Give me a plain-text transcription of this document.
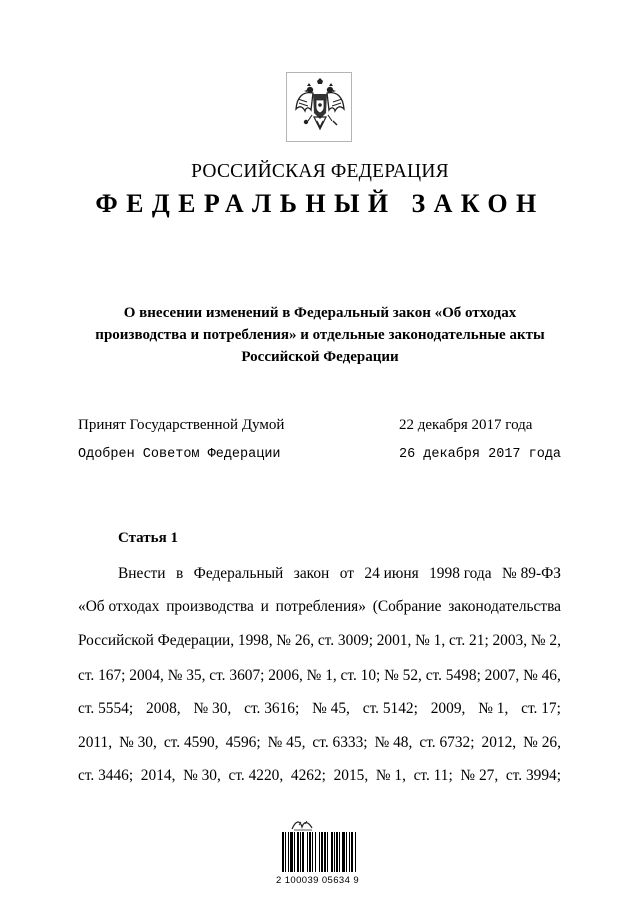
РОССИЙСКАЯ ФЕДЕРАЦИЯ
ФЕДЕРАЛЬНЫЙ ЗАКОН
О внесении изменений в Федеральный закон «Об отходах
производства и потребления» и отдельные законодательные акты
Российской Федерации
Принят Государственной Думой	22 декабря 2017 года
Одобрен Советом Федерации	26 декабря 2017 года
Статья 1
Внести в Федеральный закон от 24 июня 1998 года № 89-ФЗ
«Об отходах производства и потребления» (Собрание законодательства
Российской Федерации, 1998, № 26, ст. 3009; 2001, № 1, ст. 21; 2003, № 2,
ст. 167; 2004, № 35, ст. 3607; 2006, № 1, ст. 10; № 52, ст. 5498; 2007, № 46,
ст. 5554; 2008, № 30, ст. 3616; № 45, ст. 5142; 2009, № 1, ст. 17;
2011, № 30, ст. 4590, 4596; № 45, ст. 6333; № 48, ст. 6732; 2012, № 26,
ст. 3446; 2014, № 30, ст. 4220, 4262; 2015, № 1, ст. 11; № 27, ст. 3994;
2 100039 05634 9
